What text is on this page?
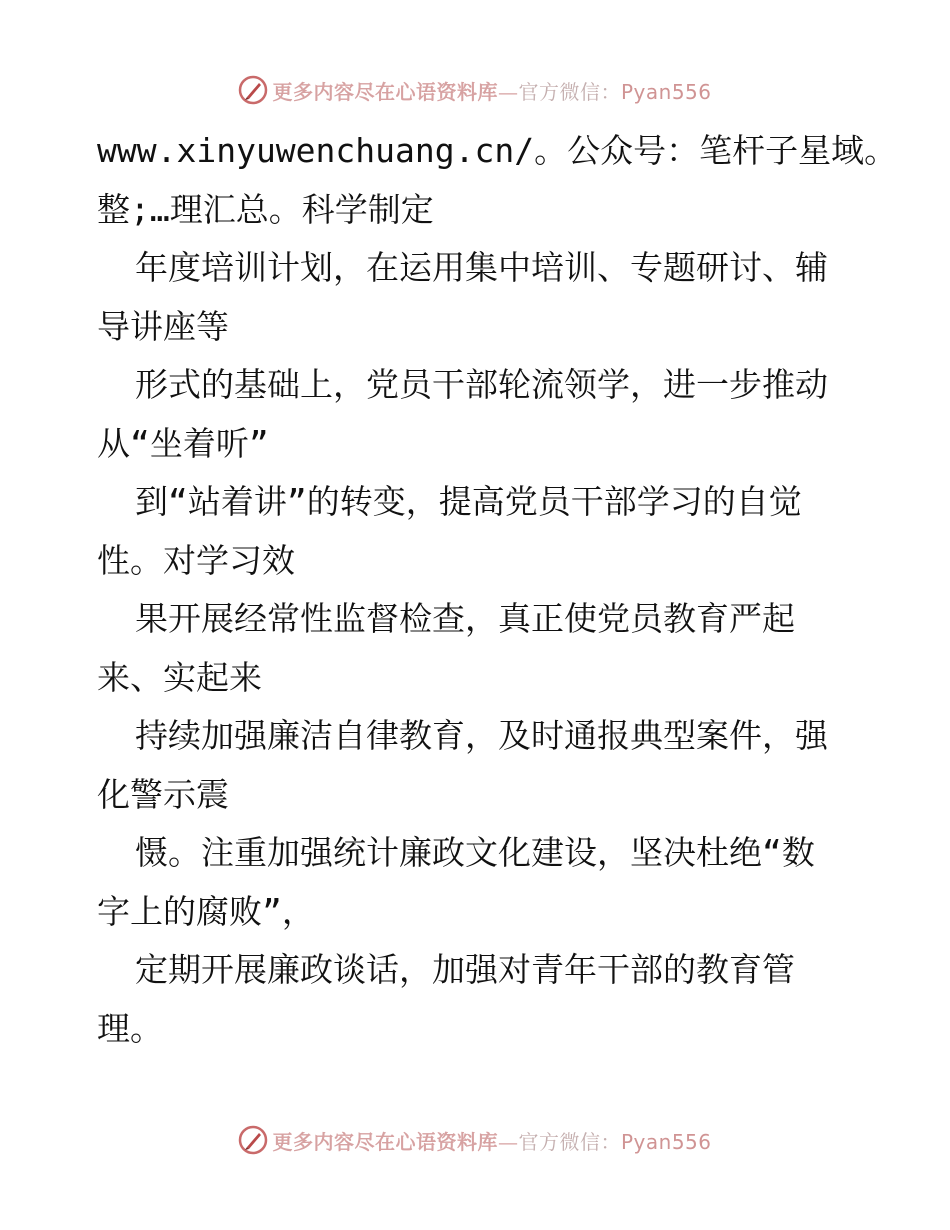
更多内容尽在心语资料库—官方微信：Pyan556
www.xinyuwenchuang.cn/。公众号：笔杆子星域。
整;…理汇总。科学制定
年度培训计划，在运用集中培训、专题研讨、辅
导讲座等
形式的基础上，党员干部轮流领学，进一步推动
从“坐着听”
到“站着讲”的转变，提高党员干部学习的自觉
性。对学习效
果开展经常性监督检查，真正使党员教育严起
来、实起来
持续加强廉洁自律教育，及时通报典型案件，强
化警示震
慑。注重加强统计廉政文化建设，坚决杜绝“数
字上的腐败”，
定期开展廉政谈话，加强对青年干部的教育管
理。
更多内容尽在心语资料库—官方微信：Pyan556
